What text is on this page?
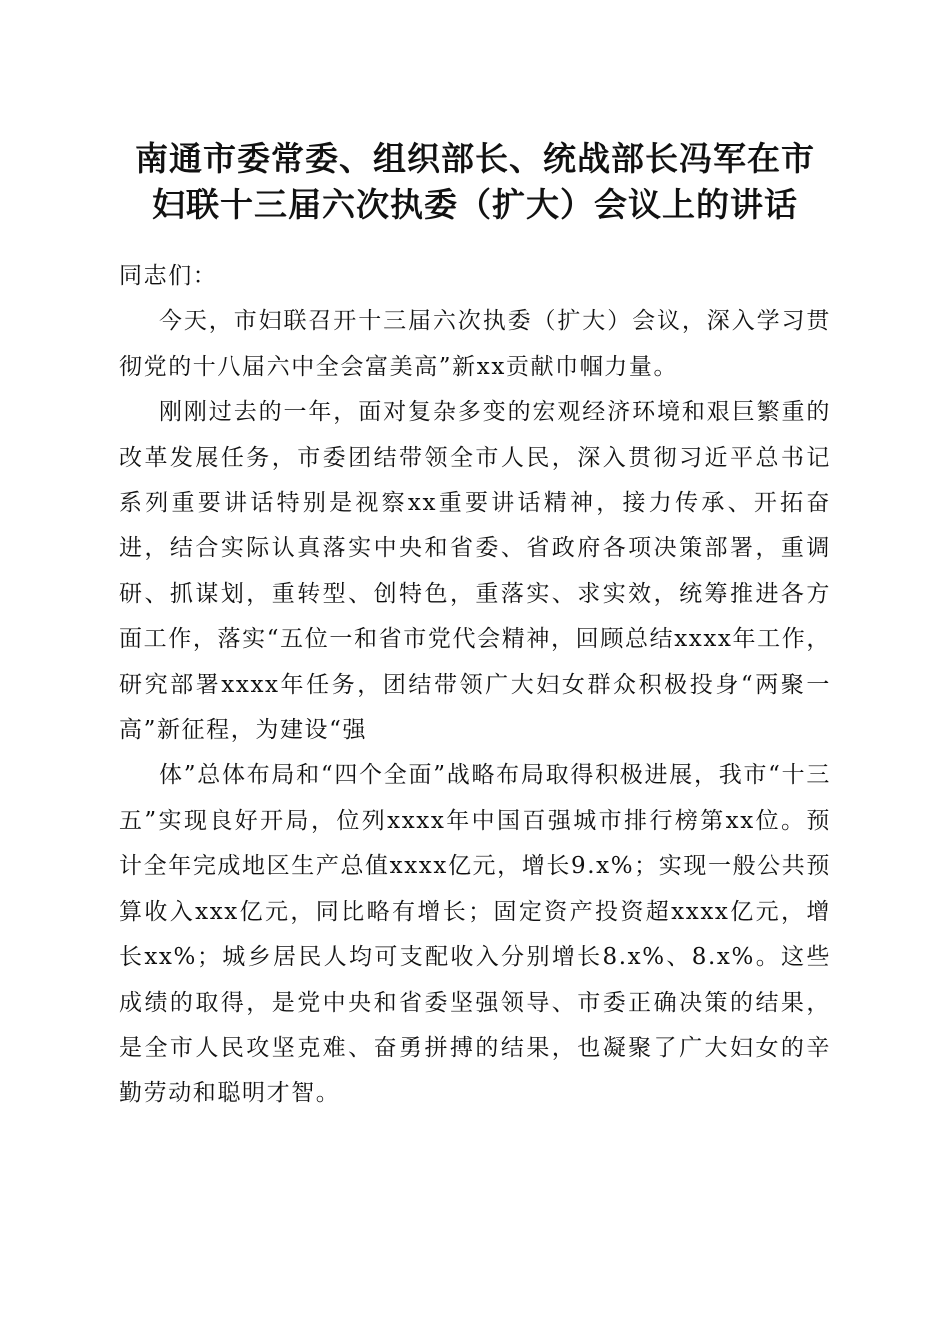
南通市委常委、组织部长、统战部长冯军在市
妇联十三届六次执委（扩大）会议上的讲话

同志们：

今天，市妇联召开十三届六次执委（扩大）会议，深入学习贯彻党的十八届六中全会富美高”新xx贡献巾帼力量。

刚刚过去的一年，面对复杂多变的宏观经济环境和艰巨繁重的改革发展任务，市委团结带领全市人民，深入贯彻习近平总书记系列重要讲话特别是视察xx重要讲话精神，接力传承、开拓奋进，结合实际认真落实中央和省委、省政府各项决策部署，重调研、抓谋划，重转型、创特色，重落实、求实效，统筹推进各方面工作，落实“五位一和省市党代会精神，回顾总结xxxx年工作，研究部署xxxx年任务，团结带领广大妇女群众积极投身“两聚一高”新征程，为建设“强

体”总体布局和“四个全面”战略布局取得积极进展，我市“十三五”实现良好开局，位列xxxx年中国百强城市排行榜第xx位。预计全年完成地区生产总值xxxx亿元，增长9.x%；实现一般公共预算收入xxx亿元，同比略有增长；固定资产投资超xxxx亿元，增长xx%；城乡居民人均可支配收入分别增长8.x%、8.x%。这些成绩的取得，是党中央和省委坚强领导、市委正确决策的结果，是全市人民攻坚克难、奋勇拼搏的结果，也凝聚了广大妇女的辛勤劳动和聪明才智。
